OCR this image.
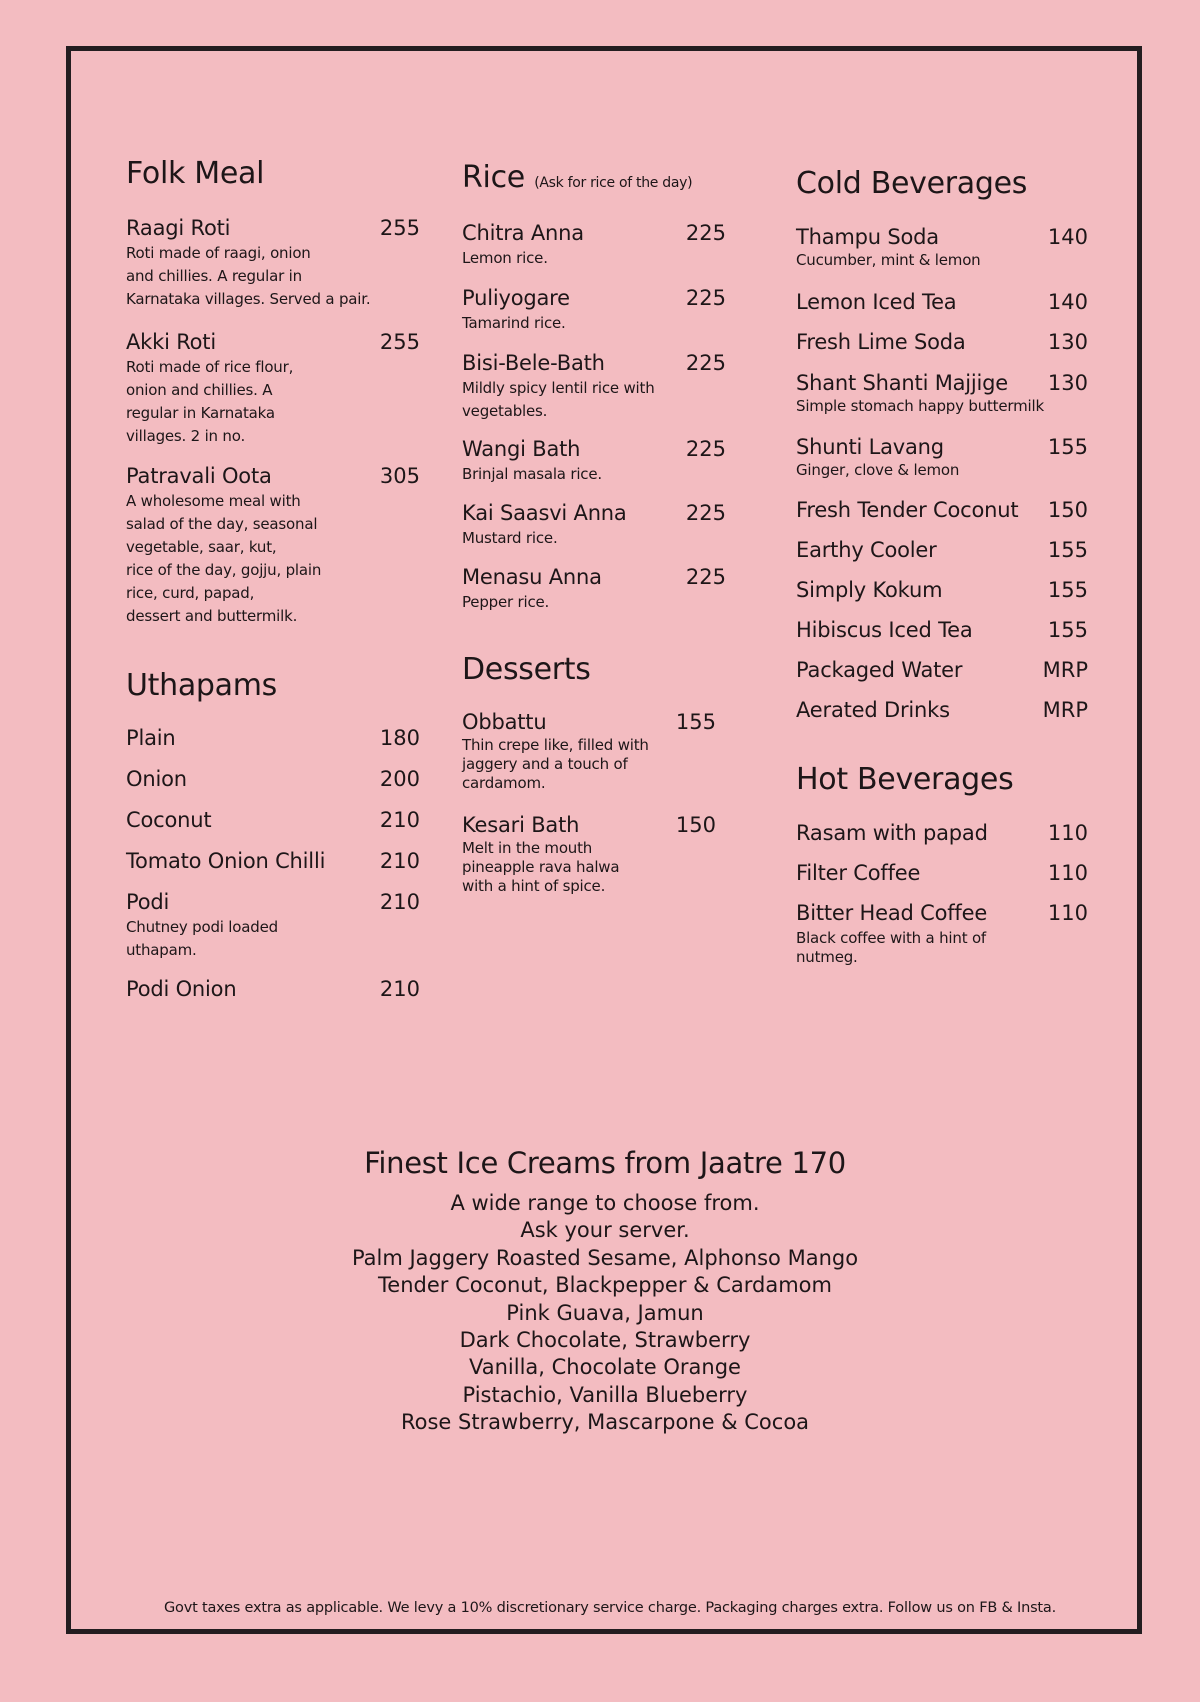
Folk Meal
Raagi Roti	255
Roti made of raagi, onion
and chillies. A regular in
Karnataka villages. Served a pair.
Akki Roti	255
Roti made of rice flour,
onion and chillies. A
regular in Karnataka
villages. 2 in no.
Patravali Oota	305
A wholesome meal with
salad of the day, seasonal
vegetable, saar, kut,
rice of the day, gojju, plain
rice, curd, papad,
dessert and buttermilk.
Uthapams
Plain	180
Onion	200
Coconut	210
Tomato Onion Chilli	210
Podi	210
Chutney podi loaded
uthapam.
Podi Onion	210
Rice (Ask for rice of the day)
Chitra Anna	225
Lemon rice.
Puliyogare	225
Tamarind rice.
Bisi-Bele-Bath	225
Mildly spicy lentil rice with
vegetables.
Wangi Bath	225
Brinjal masala rice.
Kai Saasvi Anna	225
Mustard rice.
Menasu Anna	225
Pepper rice.
Desserts
Obbattu	155
Thin crepe like, filled with
jaggery and a touch of
cardamom.
Kesari Bath	150
Melt in the mouth
pineapple rava halwa
with a hint of spice.
Cold Beverages
Thampu Soda	140
Cucumber, mint & lemon
Lemon Iced Tea	140
Fresh Lime Soda	130
Shant Shanti Majjige	130
Simple stomach happy buttermilk
Shunti Lavang	155
Ginger, clove & lemon
Fresh Tender Coconut	150
Earthy Cooler	155
Simply Kokum	155
Hibiscus Iced Tea	155
Packaged Water	MRP
Aerated Drinks	MRP
Hot Beverages
Rasam with papad	110
Filter Coffee	110
Bitter Head Coffee	110
Black coffee with a hint of
nutmeg.
Finest Ice Creams from Jaatre 170
A wide range to choose from.
Ask your server.
Palm Jaggery Roasted Sesame, Alphonso Mango
Tender Coconut, Blackpepper & Cardamom
Pink Guava, Jamun
Dark Chocolate, Strawberry
Vanilla, Chocolate Orange
Pistachio, Vanilla Blueberry
Rose Strawberry, Mascarpone & Cocoa
Govt taxes extra as applicable. We levy a 10% discretionary service charge. Packaging charges extra. Follow us on FB & Insta.
